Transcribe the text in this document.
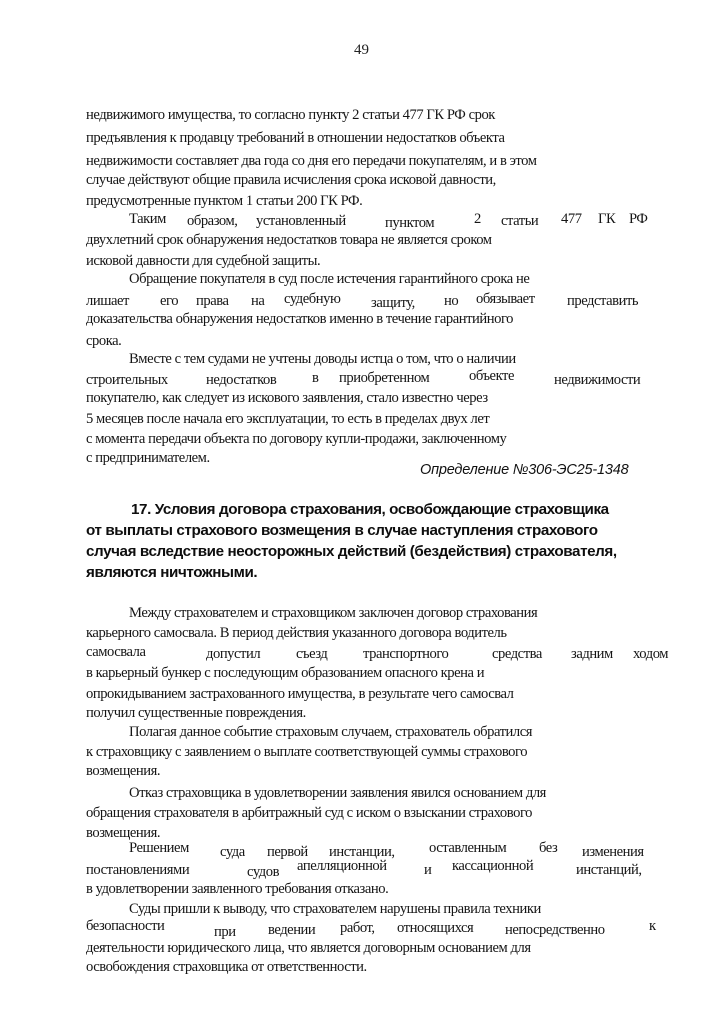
49
недвижимого имущества, то согласно пункту 2 статьи 477 ГК РФ срок
предъявления к продавцу требований в отношении недостатков объекта
недвижимости составляет два года со дня его передачи покупателям, и в этом
случае действуют общие правила исчисления срока исковой давности,
предусмотренные пунктом 1 статьи 200 ГК РФ.
Таким образом, установленный	пунктом	2 статьи 477 ГК РФ
двухлетний срок обнаружения недостатков товара не является сроком
исковой давности для судебной защиты.
Обращение покупателя в суд после истечения гарантийного срока не
лишает его права на судебную защиту, но обязывает представить
доказательства обнаружения недостатков именно в течение гарантийного
срока.
Вместе с тем судами не учтены доводы истца о том, что о наличии
строительных	недостатков в приобретенном	объекте	недвижимости
покупателю, как следует из искового заявления, стало известно через
5 месяцев после начала его эксплуатации, то есть в пределах двух лет
с момента передачи объекта по договору купли-продажи, заключенному
с предпринимателем.
Определение №306-ЭС25-1348
17. Условия договора страхования, освобождающие страховщика
от выплаты страхового возмещения в случае наступления страхового
случая вследствие неосторожных действий (бездействия) страхователя,
являются ничтожными.
Между страхователем и страховщиком заключен договор страхования
карьерного самосвала. В период действия указанного договора водитель
самосвала	допустил съезд транспортного	средства задним ходом
в карьерный бункер с последующим образованием опасного крена и
опрокидыванием застрахованного имущества, в результате чего самосвал
получил существенные повреждения.
Полагая данное событие страховым случаем, страхователь обратился
к страховщику с заявлением о выплате соответствующей суммы страхового
возмещения.
Отказ страховщика в удовлетворении заявления явился основанием для
обращения страхователя в арбитражный суд с иском о взыскании страхового
возмещения.
Решением суда первой инстанции, оставленным без изменения
постановлениями	судов апелляционной	и кассационной	инстанций,
в удовлетворении заявленного требования отказано.
Суды пришли к выводу, что страхователем нарушены правила техники
безопасности	при ведении работ, относящихся непосредственно	к
деятельности юридического лица, что является договорным основанием для
освобождения страховщика от ответственности.
